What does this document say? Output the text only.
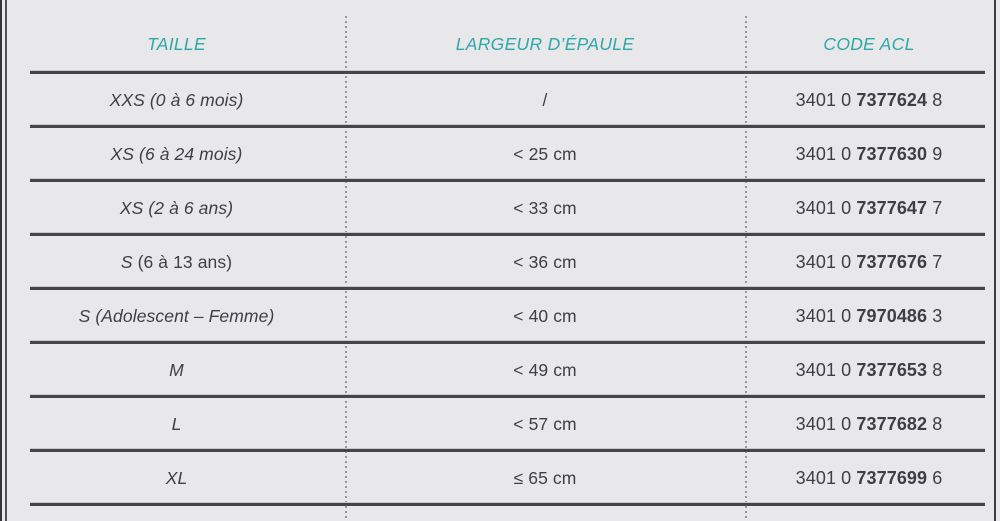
TAILLE	LARGEUR D’ÉPAULE	CODE ACL
XXS (0 à 6 mois)	/	3401 0 7377624 8
XS (6 à 24 mois)	< 25 cm	3401 0 7377630 9
XS (2 à 6 ans)	< 33 cm	3401 0 7377647 7
S (6 à 13 ans)	< 36 cm	3401 0 7377676 7
S (Adolescent – Femme)	< 40 cm	3401 0 7970486 3
M	< 49 cm	3401 0 7377653 8
L	< 57 cm	3401 0 7377682 8
XL	≤ 65 cm	3401 0 7377699 6
